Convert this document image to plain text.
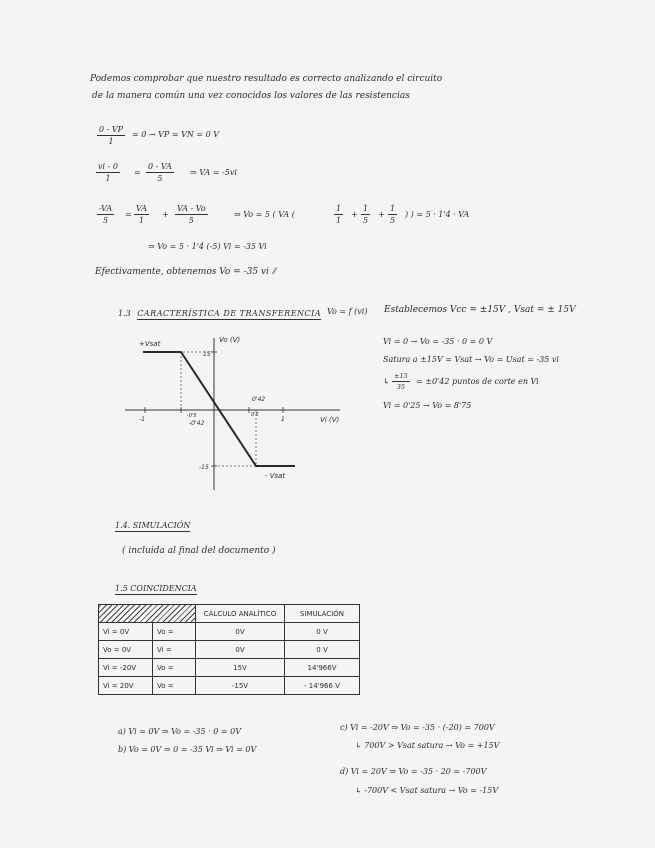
Podemos comprobar que nuestro resultado es correcto analizando el circuito
de la manera común una vez conocidos los valores de las resistencias
$\frac{0 - VP}{1} = 0$ → VP = VN = 0 V
$\frac{vi - 0}{1} = \frac{0 - VA}{5}$ ⇒ VA = -5vi
$\frac{-VA}{5} = \frac{VA}{1} + \frac{VA - Vo}{5}$	⇒ Vo = 5 ( VA (	$\frac{1}{1} + \frac{1}{5} + \frac{1}{5}$ ) ) = 5 · 1'4 · VA
⇒ Vo = 5 · 1'4 (-5) Vi = -35 Vi
Efectivamente, obtenemos Vo = -35 vi ⫽
1.3 CARACTERÍSTICA DE TRANSFERENCIA Vo = f (vi) Establecemos Vcc = ±15V , Vsat = ± 15V
Vo (V)
Vi (V)
+Vsat
- Vsat
15
-15
-1	1
-0'5	0'5
-0'42
0'42
Vi = 0 → Vo = -35 · 0 = 0 V
Satura a ±15V = Vsat → Vo = Usat = -35 vi
↳ $\frac{\pm 15}{35} = \pm 0'42$ puntos de corte en Vi
Vi = 0'25 → Vo = 8'75
1.4. SIMULACIÓN
( incluida al final del documento )
1.5 COINCIDENCIA
		CÁLCULO ANALÍTICO	SIMULACIÓN
Vi = 0V	Vo =	0V	0 V
Vo = 0V	Vi =	0V	0 V
Vi = -20V	Vo =	15V	14'966V
Vi = 20V	Vo =	-15V	- 14'966 V
a) Vi = 0V ⇒ Vo = -35 · 0 = 0V
b) Vo = 0V ⇒ 0 = -35 Vi ⇒ Vi = 0V
c) Vi = -20V ⇒ Vo = -35 · (-20) = 700V
↳ 700V > Vsat satura → Vo = +15V
d) Vi = 20V ⇒ Vo = -35 · 20 = -700V
↳ -700V < Vsat satura → Vo = -15V
